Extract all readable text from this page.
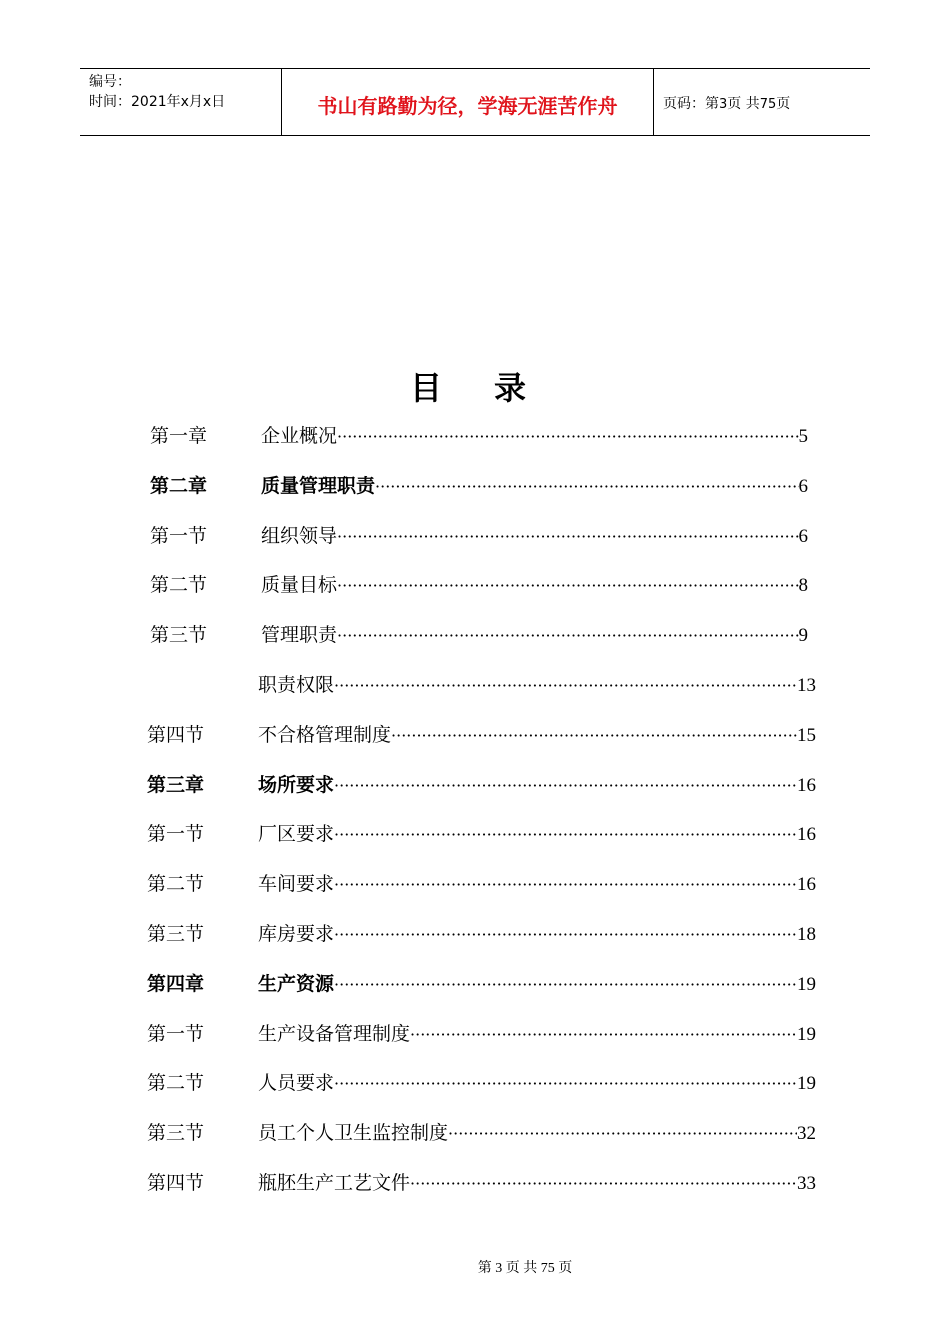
编号：
时间：2021年x月x日	书山有路勤为径，学海无涯苦作舟	页码：第3页 共75页
目录
第一章	企业概况 ·····	5
第二章	质量管理职责 ·····	6
第一节	组织领导 ·····	6
第二节	质量目标 ·····	8
第三节	管理职责 ·····	9
职责权限 ·····	13
第四节	不合格管理制度 ·····	15
第三章	场所要求 ·····	16
第一节	厂区要求 ·····	16
第二节	车间要求 ·····	16
第三节	库房要求 ·····	18
第四章	生产资源 ·····	19
第一节	生产设备管理制度 ·····	19
第二节	人员要求 ·····	19
第三节	员工个人卫生监控制度 ·····	32
第四节	瓶胚生产工艺文件 ·····	33
第 3 页 共 75 页
